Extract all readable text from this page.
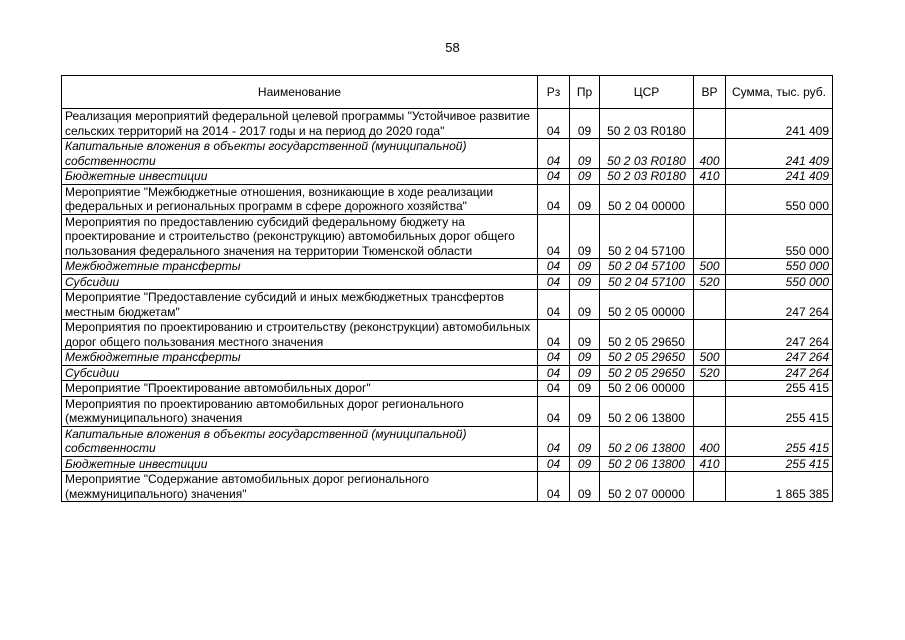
58
Наименование	Рз	Пр	ЦСР	ВР	Сумма, тыс. руб.
Реализация мероприятий федеральной целевой программы "Устойчивое развитие сельских территорий на 2014 - 2017 годы и на период до 2020 года"	04	09	50 2 03 R0180		241 409
Капитальные вложения в объекты государственной (муниципальной) собственности	04	09	50 2 03 R0180	400	241 409
Бюджетные инвестиции	04	09	50 2 03 R0180	410	241 409
Мероприятие "Межбюджетные отношения, возникающие в ходе реализации федеральных и региональных программ в сфере дорожного хозяйства"	04	09	50 2 04 00000		550 000
Мероприятия по предоставлению субсидий федеральному бюджету на проектирование и строительство (реконструкцию) автомобильных дорог общего пользования федерального значения на территории Тюменской области	04	09	50 2 04 57100		550 000
Межбюджетные трансферты	04	09	50 2 04 57100	500	550 000
Субсидии	04	09	50 2 04 57100	520	550 000
Мероприятие "Предоставление субсидий и иных межбюджетных трансфертов местным бюджетам"	04	09	50 2 05 00000		247 264
Мероприятия по проектированию и строительству (реконструкции) автомобильных дорог общего пользования местного значения	04	09	50 2 05 29650		247 264
Межбюджетные трансферты	04	09	50 2 05 29650	500	247 264
Субсидии	04	09	50 2 05 29650	520	247 264
Мероприятие "Проектирование автомобильных дорог"	04	09	50 2 06 00000		255 415
Мероприятия по проектированию автомобильных дорог регионального (межмуниципального) значения	04	09	50 2 06 13800		255 415
Капитальные вложения в объекты государственной (муниципальной) собственности	04	09	50 2 06 13800	400	255 415
Бюджетные инвестиции	04	09	50 2 06 13800	410	255 415
Мероприятие "Содержание автомобильных дорог регионального (межмуниципального) значения"	04	09	50 2 07 00000		1 865 385
